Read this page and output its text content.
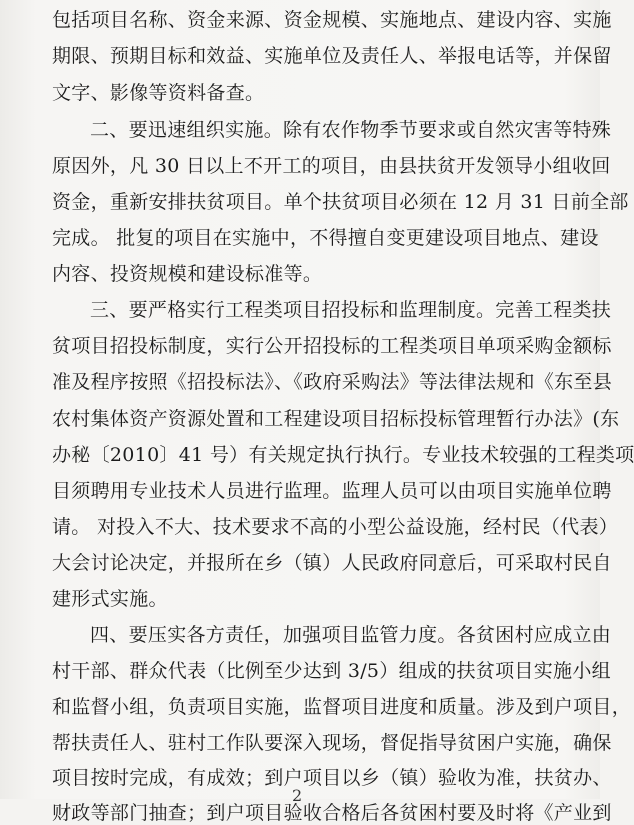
包括项目名称、资金来源、资金规模、实施地点、建设内容、实施
期限、预期目标和效益、实施单位及责任人、举报电话等，并保留
文字、影像等资料备查。
二、要迅速组织实施。除有农作物季节要求或自然灾害等特殊
原因外，凡 30 日以上不开工的项目，由县扶贫开发领导小组收回
资金，重新安排扶贫项目。单个扶贫项目必须在 12 月 31 日前全部
完成。 批复的项目在实施中，不得擅自变更建设项目地点、建设
内容、投资规模和建设标准等。
三、要严格实行工程类项目招投标和监理制度。完善工程类扶
贫项目招投标制度，实行公开招投标的工程类项目单项采购金额标
准及程序按照《招投标法》、《政府采购法》等法律法规和《东至县
农村集体资产资源处置和工程建设项目招标投标管理暂行办法》(东
办秘〔2010〕41 号）有关规定执行执行。专业技术较强的工程类项
目须聘用专业技术人员进行监理。监理人员可以由项目实施单位聘
请。 对投入不大、技术要求不高的小型公益设施，经村民（代表）
大会讨论决定，并报所在乡（镇）人民政府同意后，可采取村民自
建形式实施。
四、要压实各方责任，加强项目监管力度。各贫困村应成立由
村干部、群众代表（比例至少达到 3/5）组成的扶贫项目实施小组
和监督小组，负责项目实施，监督项目进度和质量。涉及到户项目，
帮扶责任人、驻村工作队要深入现场，督促指导贫困户实施，确保
项目按时完成，有成效；到户项目以乡（镇）验收为准，扶贫办、
财政等部门抽查；到户项目验收合格后各贫困村要及时将《产业到
2
